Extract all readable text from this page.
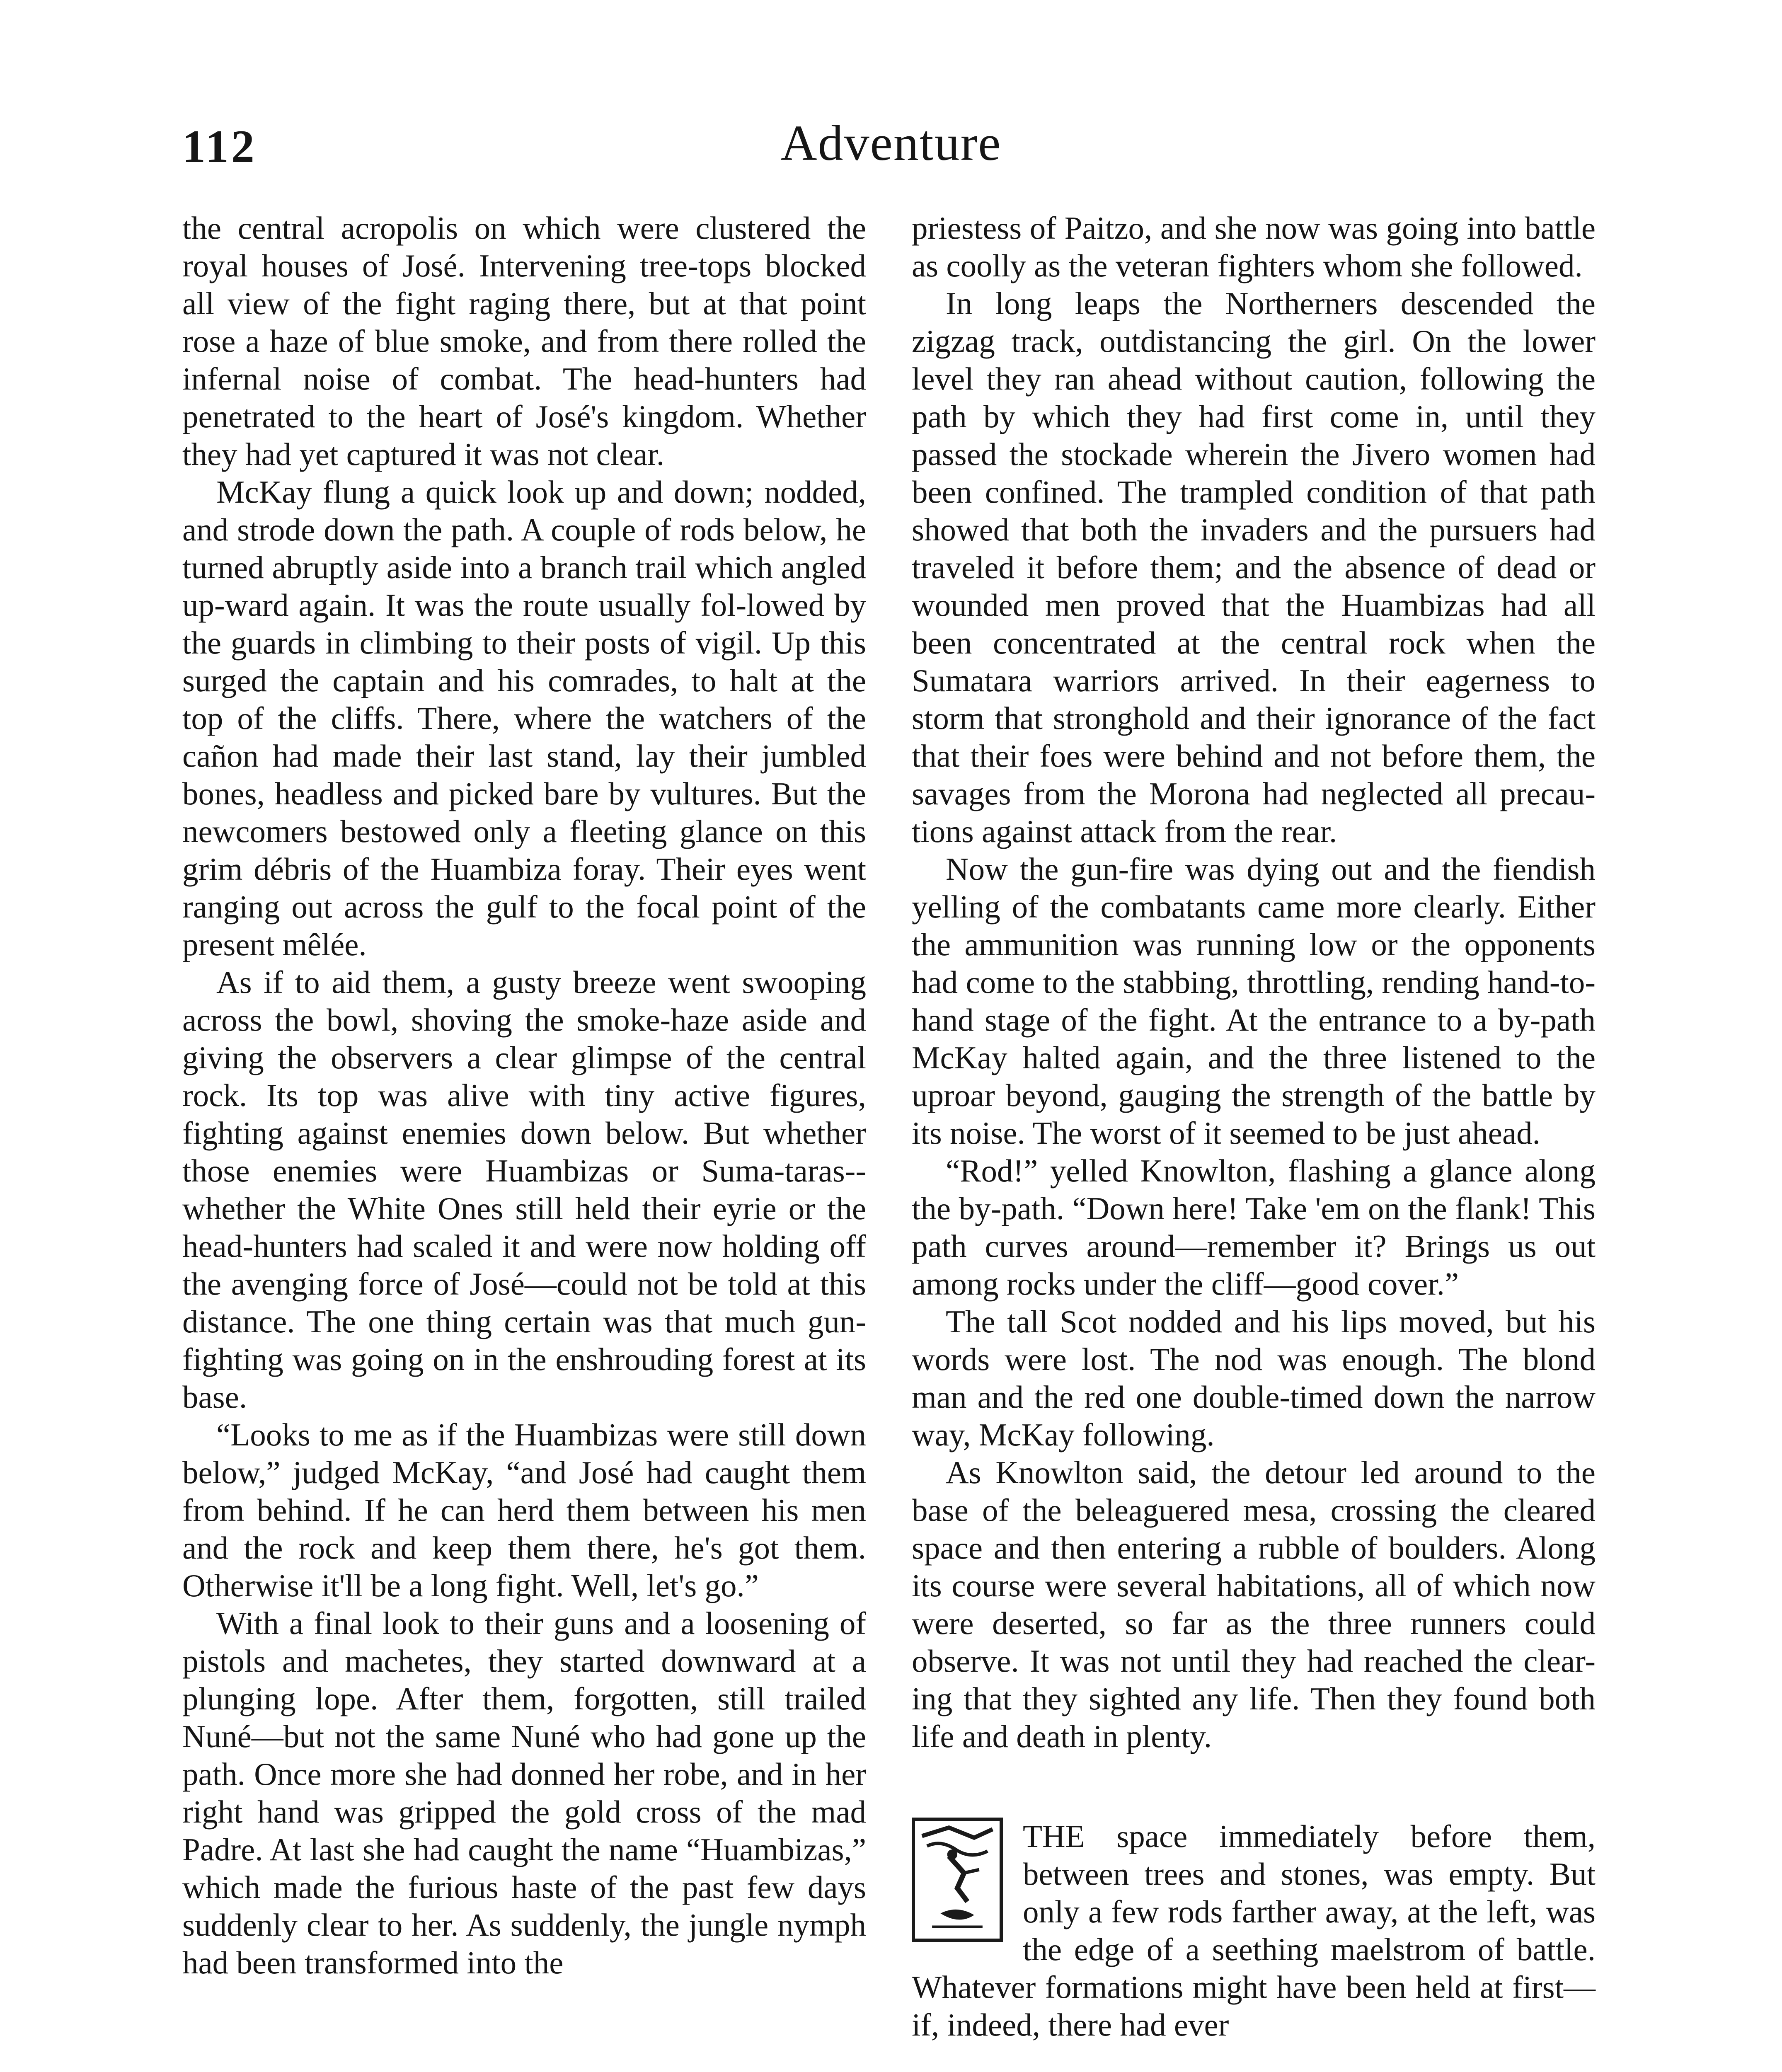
112	Adventure

the central acropolis on which were clustered the royal houses of José. Intervening tree-tops blocked all view of the fight raging there, but at that point rose a haze of blue smoke, and from there rolled the infernal noise of combat. The head-hunters had penetrated to the heart of José's kingdom. Whether they had yet captured it was not clear.

McKay flung a quick look up and down; nodded, and strode down the path. A couple of rods below, he turned abruptly aside into a branch trail which angled up-ward again. It was the route usually fol-lowed by the guards in climbing to their posts of vigil. Up this surged the captain and his comrades, to halt at the top of the cliffs. There, where the watchers of the cañon had made their last stand, lay their jumbled bones, headless and picked bare by vultures. But the newcomers bestowed only a fleeting glance on this grim débris of the Huambiza foray. Their eyes went ranging out across the gulf to the focal point of the present mêlée.

As if to aid them, a gusty breeze went swooping across the bowl, shoving the smoke-haze aside and giving the observers a clear glimpse of the central rock. Its top was alive with tiny active figures, fighting against enemies down below. But whether those enemies were Huambizas or Suma-taras--whether the White Ones still held their eyrie or the head-hunters had scaled it and were now holding off the avenging force of José—could not be told at this distance. The one thing certain was that much gun-fighting was going on in the enshrouding forest at its base.

“Looks to me as if the Huambizas were still down below,” judged McKay, “and José had caught them from behind. If he can herd them between his men and the rock and keep them there, he's got them. Otherwise it'll be a long fight. Well, let's go.”

With a final look to their guns and a loosening of pistols and machetes, they started downward at a plunging lope. After them, forgotten, still trailed Nuné—but not the same Nuné who had gone up the path. Once more she had donned her robe, and in her right hand was gripped the gold cross of the mad Padre. At last she had caught the name “Huambizas,” which made the furious haste of the past few days suddenly clear to her. As suddenly, the jungle nymph had been transformed into the

priestess of Paitzo, and she now was going into battle as coolly as the veteran fighters whom she followed.

In long leaps the Northerners descended the zigzag track, outdistancing the girl. On the lower level they ran ahead without caution, following the path by which they had first come in, until they passed the stockade wherein the Jivero women had been confined. The trampled condition of that path showed that both the invaders and the pursuers had traveled it before them; and the absence of dead or wounded men proved that the Huambizas had all been concentrated at the central rock when the Sumatara warriors arrived. In their eagerness to storm that stronghold and their ignorance of the fact that their foes were behind and not before them, the savages from the Morona had neglected all precau-tions against attack from the rear.

Now the gun-fire was dying out and the fiendish yelling of the combatants came more clearly. Either the ammunition was running low or the opponents had come to the stabbing, throttling, rending hand-to-hand stage of the fight. At the entrance to a by-path McKay halted again, and the three listened to the uproar beyond, gauging the strength of the battle by its noise. The worst of it seemed to be just ahead.

“Rod!” yelled Knowlton, flashing a glance along the by-path. “Down here! Take 'em on the flank! This path curves around—remember it? Brings us out among rocks under the cliff—good cover.”

The tall Scot nodded and his lips moved, but his words were lost. The nod was enough. The blond man and the red one double-timed down the narrow way, McKay following.

As Knowlton said, the detour led around to the base of the beleaguered mesa, crossing the cleared space and then entering a rubble of boulders. Along its course were several habitations, all of which now were deserted, so far as the three runners could observe. It was not until they had reached the clear-ing that they sighted any life. Then they found both life and death in plenty.

THE space immediately before them, between trees and stones, was empty. But only a few rods farther away, at the left, was the edge of a seething maelstrom of battle. Whatever formations might have been held at first—if, indeed, there had ever
